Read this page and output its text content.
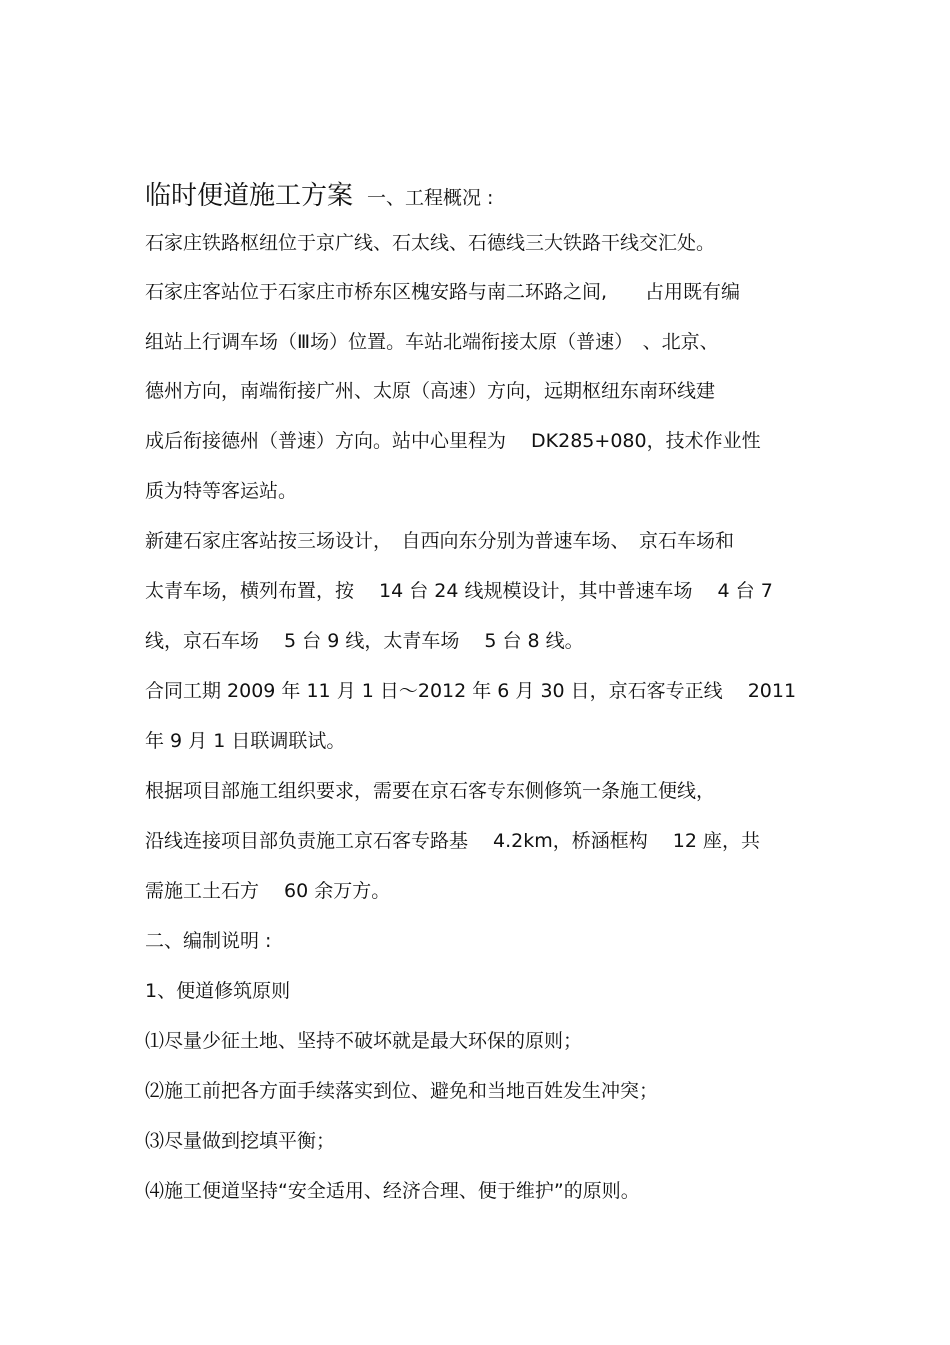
临时便道施工方案 一、工程概况 :
石家庄铁路枢纽位于京广线、石太线、石德线三大铁路干线交汇处。
石家庄客站位于石家庄市桥东区槐安路与南二环路之间,　　占用既有编
组站上行调车场（Ⅲ场）位置。车站北端衔接太原（普速）　、北京、
德州方向，南端衔接广州、太原（高速）方向，远期枢纽东南环线建
成后衔接德州（普速）方向。站中心里程为　 DK285+080，技术作业性
质为特等客运站。
新建石家庄客站按三场设计，　自西向东分别为普速车场、　京石车场和
太青车场，横列布置，按　 14 台 24 线规模设计，其中普速车场　 4 台 7
线，京石车场　 5 台 9 线，太青车场　 5 台 8 线。
合同工期 2009 年 11 月 1 日～2012 年 6 月 30 日，京石客专正线　 2011
年 9 月 1 日联调联试。
根据项目部施工组织要求，需要在京石客专东侧修筑一条施工便线，
沿线连接项目部负责施工京石客专路基　 4.2km，桥涵框构　 12 座，共
需施工土石方　 60 余万方。
二、编制说明 :
1、便道修筑原则
⑴尽量少征土地、坚持不破坏就是最大环保的原则；
⑵施工前把各方面手续落实到位、避免和当地百姓发生冲突；
⑶尽量做到挖填平衡；
⑷施工便道坚持“安全适用、经济合理、便于维护”的原则。
